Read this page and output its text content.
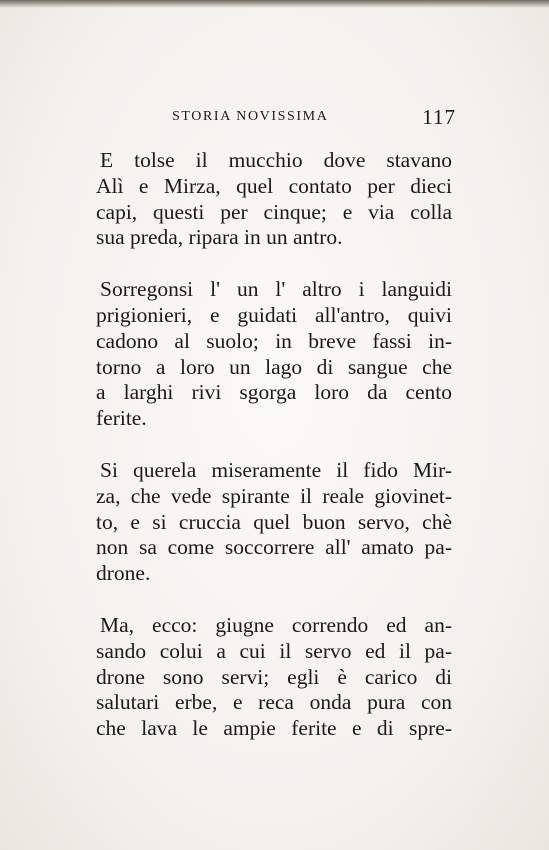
STORIA NOVISSIMA	117

E tolse il mucchio dove stavano
Alì e Mirza, quel contato per dieci
capi, questi per cinque; e via colla
sua preda, ripara in un antro.

Sorregonsi l' un l' altro i languidi
prigionieri, e guidati all'antro, quivi
cadono al suolo; in breve fassi in-
torno a loro un lago di sangue che
a larghi rivi sgorga loro da cento
ferite.

Si querela miseramente il fido Mir-
za, che vede spirante il reale giovinet-
to, e si cruccia quel buon servo, chè
non sa come soccorrere all' amato pa-
drone.

Ma, ecco: giugne correndo ed an-
sando colui a cui il servo ed il pa-
drone sono servi; egli è carico di
salutari erbe, e reca onda pura con
che lava le ampie ferite e di spre-
